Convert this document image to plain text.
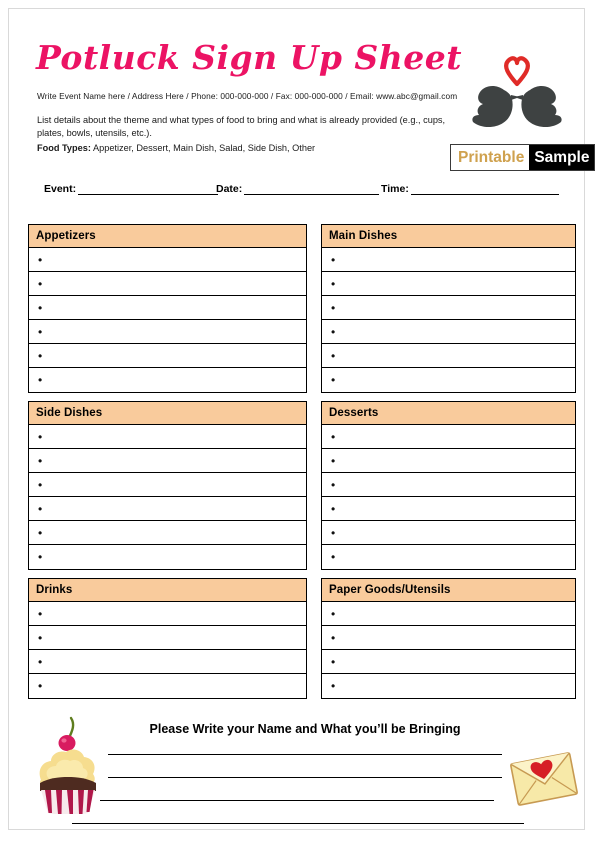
Potluck Sign Up Sheet
Write Event Name here / Address Here / Phone: 000-000-000 / Fax: 000-000-000 / Email: www.abc@gmail.com
List details about the theme and what types of food to bring and what is already provided (e.g., cups, plates, bowls, utensils, etc.).
Food Types: Appetizer, Dessert, Main Dish, Salad, Side Dish, Other
Printable Sample
Event:	Date:	Time:
Appetizers
•
•
•
•
•
•
Side Dishes
•
•
•
•
•
•
Drinks
•
•
•
•
Main Dishes
•
•
•
•
•
•
Desserts
•
•
•
•
•
•
Paper Goods/Utensils
•
•
•
•
Please Write your Name and What you’ll be Bringing
